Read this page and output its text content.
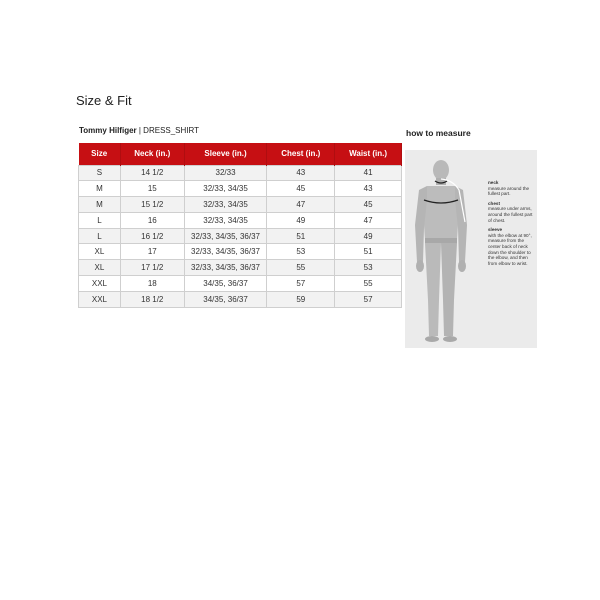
Size & Fit
Tommy Hilfiger | DRESS_SHIRT
Size	Neck (in.)	Sleeve (in.)	Chest (in.)	Waist (in.)
S	14 1/2	32/33	43	41
M	15	32/33, 34/35	45	43
M	15 1/2	32/33, 34/35	47	45
L	16	32/33, 34/35	49	47
L	16 1/2	32/33, 34/35, 36/37	51	49
XL	17	32/33, 34/35, 36/37	53	51
XL	17 1/2	32/33, 34/35, 36/37	55	53
XXL	18	34/35, 36/37	57	55
XXL	18 1/2	34/35, 36/37	59	57
how to measure
neck
measure around the fullest part.
chest
measure under arms, around the fullest part of chest.
sleeve
with the elbow at 90°, measure from the center back of neck down the shoulder to the elbow, and then from elbow to wrist.
